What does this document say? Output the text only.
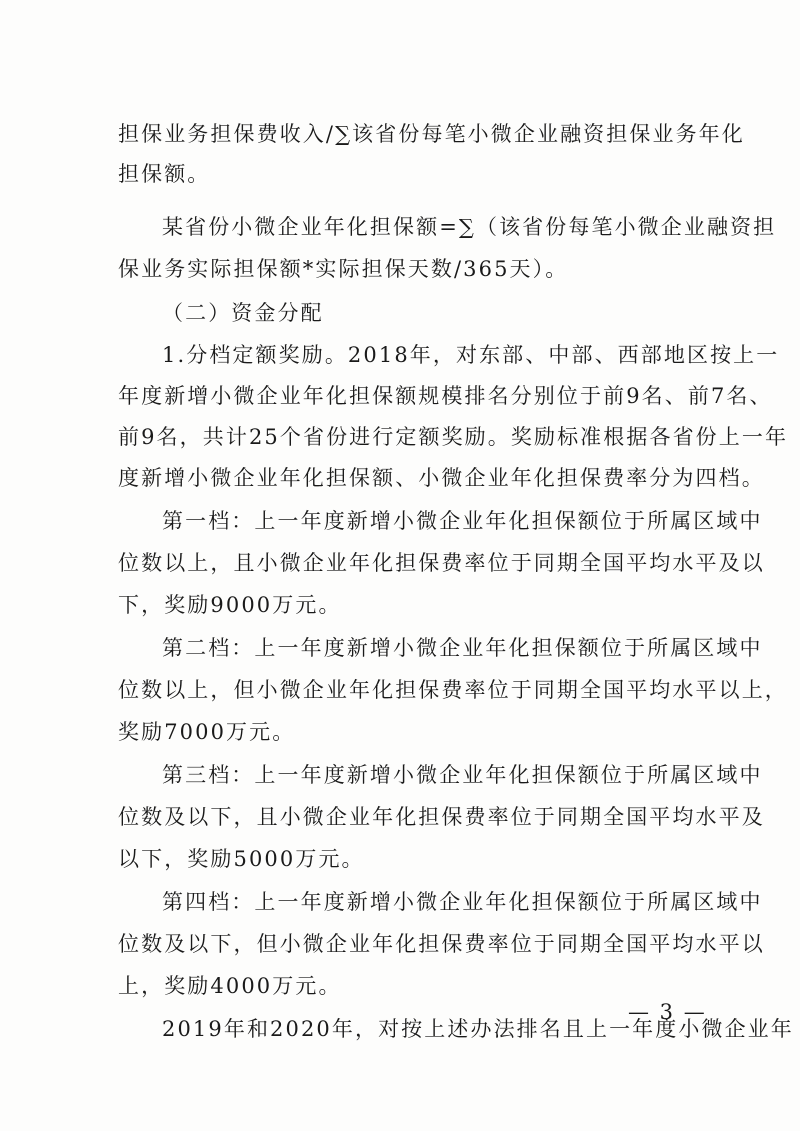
担保业务担保费收入/∑该省份每笔小微企业融资担保业务年化
担保额。
某省份小微企业年化担保额=∑（该省份每笔小微企业融资担
保业务实际担保额*实际担保天数/365天）。
（二）资金分配
1.分档定额奖励。2018年，对东部、中部、西部地区按上一
年度新增小微企业年化担保额规模排名分别位于前9名、前7名、
前9名，共计25个省份进行定额奖励。奖励标准根据各省份上一年
度新增小微企业年化担保额、小微企业年化担保费率分为四档。
第一档：上一年度新增小微企业年化担保额位于所属区域中
位数以上，且小微企业年化担保费率位于同期全国平均水平及以
下，奖励9000万元。
第二档：上一年度新增小微企业年化担保额位于所属区域中
位数以上，但小微企业年化担保费率位于同期全国平均水平以上，
奖励7000万元。
第三档：上一年度新增小微企业年化担保额位于所属区域中
位数及以下，且小微企业年化担保费率位于同期全国平均水平及
以下，奖励5000万元。
第四档：上一年度新增小微企业年化担保额位于所属区域中
位数及以下，但小微企业年化担保费率位于同期全国平均水平以
上，奖励4000万元。
2019年和2020年，对按上述办法排名且上一年度小微企业年
— 3 —
